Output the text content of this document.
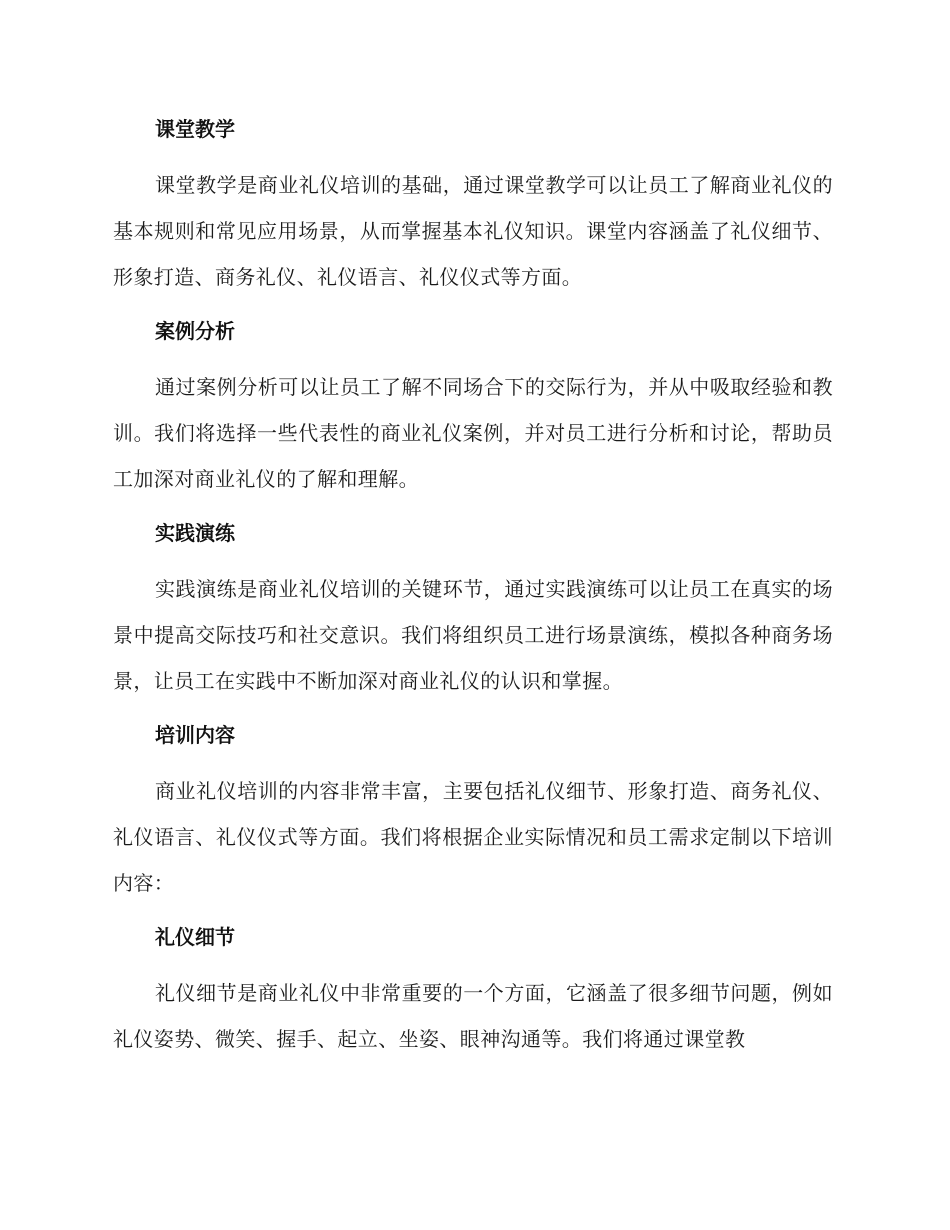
课堂教学

课堂教学是商业礼仪培训的基础，通过课堂教学可以让员工了解商业礼仪的基本规则和常见应用场景，从而掌握基本礼仪知识。课堂内容涵盖了礼仪细节、形象打造、商务礼仪、礼仪语言、礼仪仪式等方面。

案例分析

通过案例分析可以让员工了解不同场合下的交际行为，并从中吸取经验和教训。我们将选择一些代表性的商业礼仪案例，并对员工进行分析和讨论，帮助员工加深对商业礼仪的了解和理解。

实践演练

实践演练是商业礼仪培训的关键环节，通过实践演练可以让员工在真实的场景中提高交际技巧和社交意识。我们将组织员工进行场景演练，模拟各种商务场景，让员工在实践中不断加深对商业礼仪的认识和掌握。

培训内容

商业礼仪培训的内容非常丰富，主要包括礼仪细节、形象打造、商务礼仪、礼仪语言、礼仪仪式等方面。我们将根据企业实际情况和员工需求定制以下培训内容：

礼仪细节

礼仪细节是商业礼仪中非常重要的一个方面，它涵盖了很多细节问题，例如礼仪姿势、微笑、握手、起立、坐姿、眼神沟通等。我们将通过课堂教
